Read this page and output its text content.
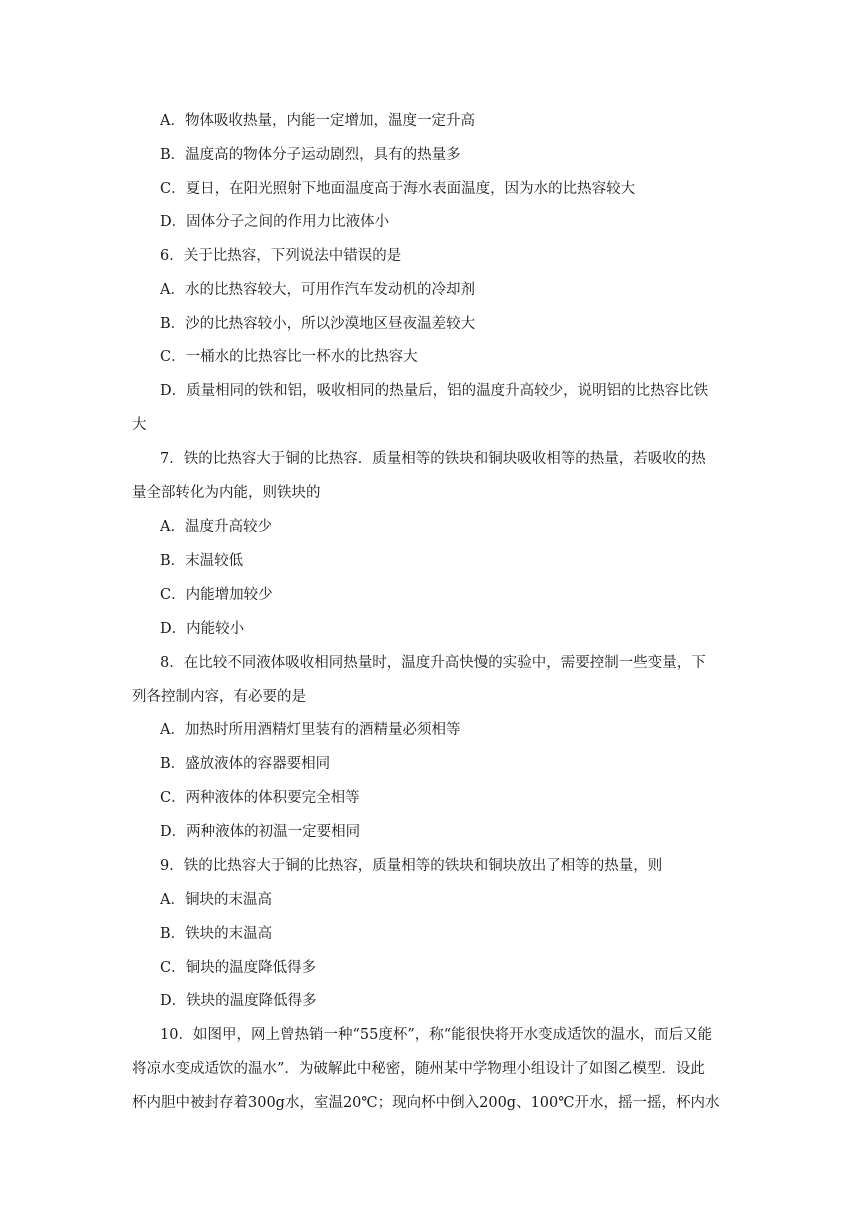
A．物体吸收热量，内能一定增加，温度一定升高
B．温度高的物体分子运动剧烈，具有的热量多
C．夏日，在阳光照射下地面温度高于海水表面温度，因为水的比热容较大
D．固体分子之间的作用力比液体小
6．关于比热容，下列说法中错误的是
A．水的比热容较大，可用作汽车发动机的冷却剂
B．沙的比热容较小，所以沙漠地区昼夜温差较大
C．一桶水的比热容比一杯水的比热容大
D．质量相同的铁和铝，吸收相同的热量后，铝的温度升高较少，说明铝的比热容比铁
大
7．铁的比热容大于铜的比热容．质量相等的铁块和铜块吸收相等的热量，若吸收的热
量全部转化为内能，则铁块的
A．温度升高较少
B．末温较低
C．内能增加较少
D．内能较小
8．在比较不同液体吸收相同热量时，温度升高快慢的实验中，需要控制一些变量，下
列各控制内容，有必要的是
A．加热时所用酒精灯里装有的酒精量必须相等
B．盛放液体的容器要相同
C．两种液体的体积要完全相等
D．两种液体的初温一定要相同
9．铁的比热容大于铜的比热容，质量相等的铁块和铜块放出了相等的热量，则
A．铜块的末温高
B．铁块的末温高
C．铜块的温度降低得多
D．铁块的温度降低得多
10．如图甲，网上曾热销一种“55度杯”，称“能很快将开水变成适饮的温水，而后又能
将凉水变成适饮的温水”．为破解此中秘密，随州某中学物理小组设计了如图乙模型．设此
杯内胆中被封存着300g水，室温20℃；现向杯中倒入200g、100℃开水，摇一摇，杯内水
